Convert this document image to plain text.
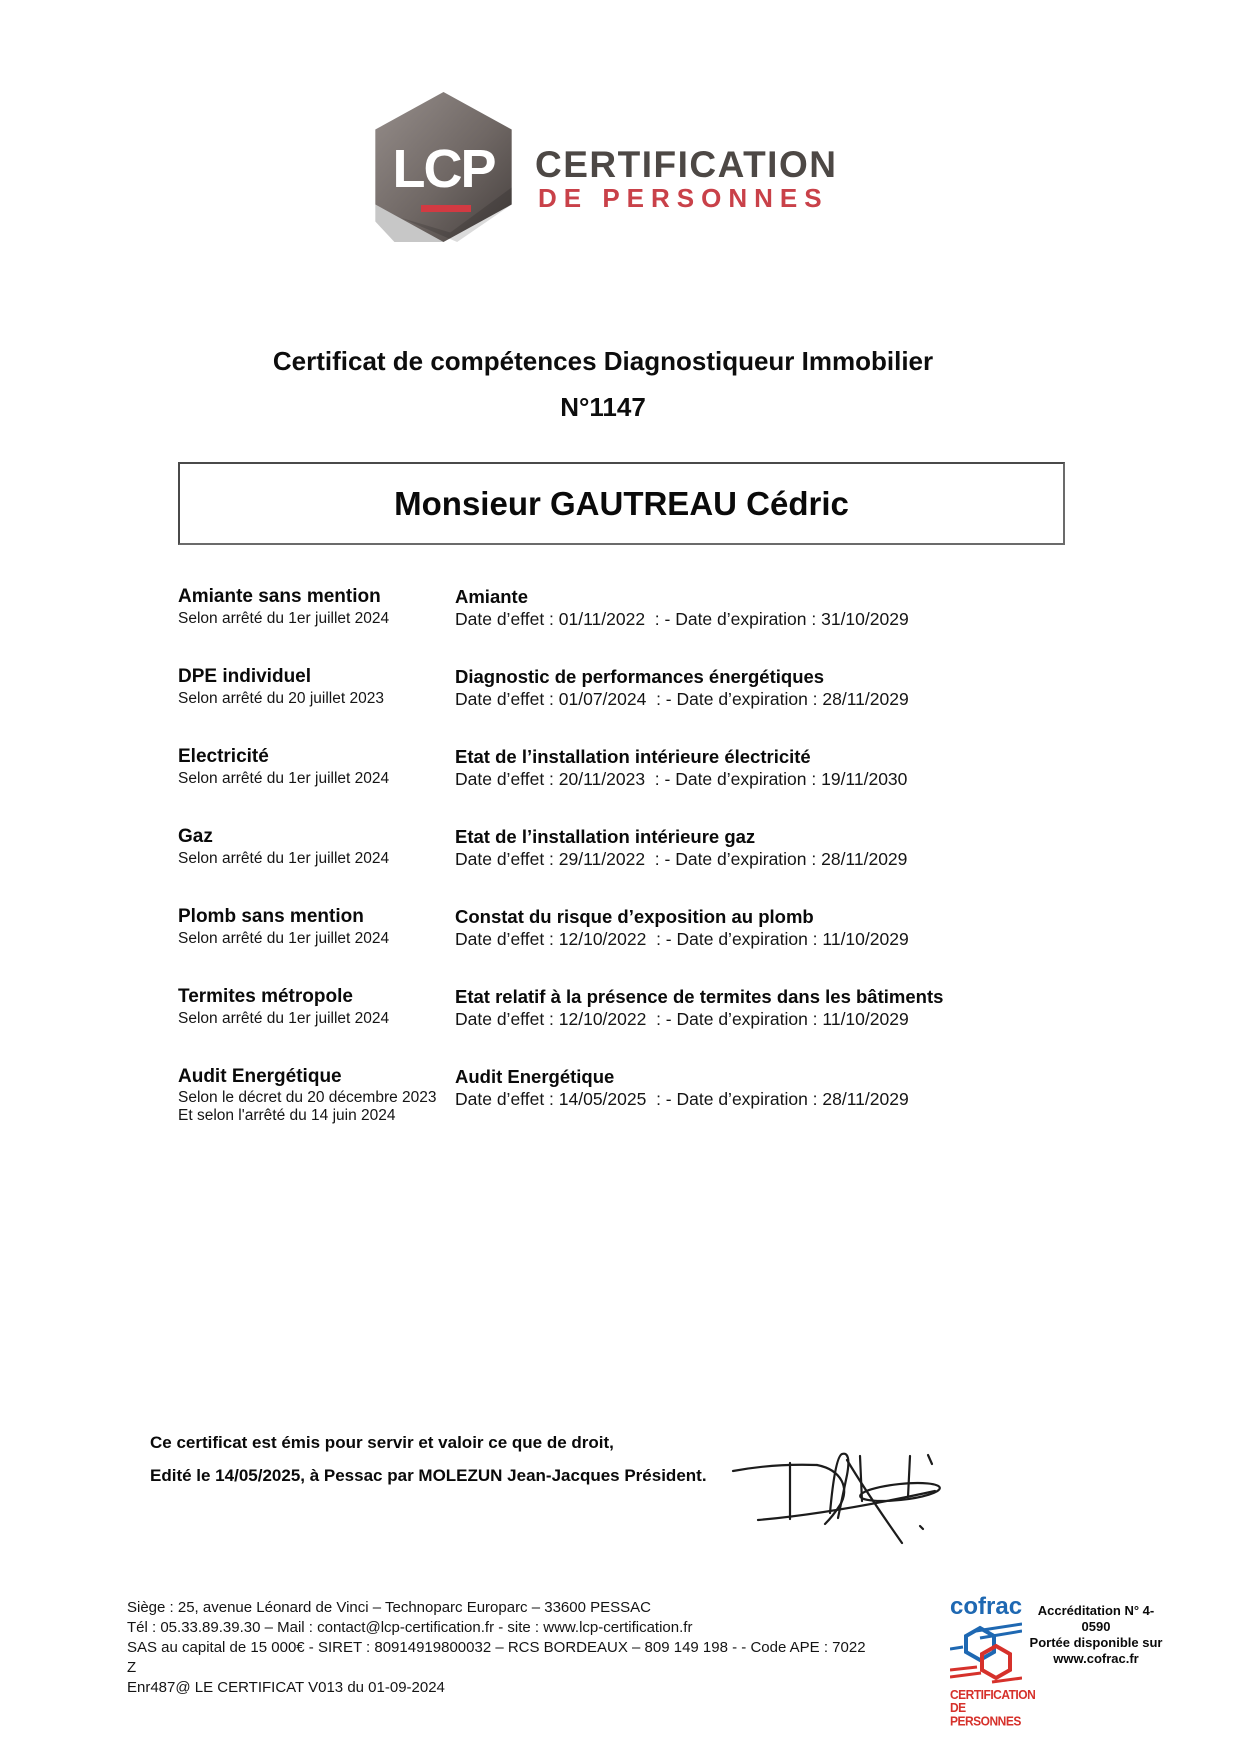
LCP	CERTIFICATION
DE PERSONNES
Certificat de compétences Diagnostiqueur Immobilier
N°1147
Monsieur GAUTREAU Cédric
Amiante sans mention
Selon arrêté du 1er juillet 2024
Amiante
Date d’effet : 01/11/2022  : - Date d’expiration : 31/10/2029
DPE individuel
Selon arrêté du 20 juillet 2023
Diagnostic de performances énergétiques
Date d’effet : 01/07/2024  : - Date d’expiration : 28/11/2029
Electricité
Selon arrêté du 1er juillet 2024
Etat de l’installation intérieure électricité
Date d’effet : 20/11/2023  : - Date d’expiration : 19/11/2030
Gaz
Selon arrêté du 1er juillet 2024
Etat de l’installation intérieure gaz
Date d’effet : 29/11/2022  : - Date d’expiration : 28/11/2029
Plomb sans mention
Selon arrêté du 1er juillet 2024
Constat du risque d’exposition au plomb
Date d’effet : 12/10/2022  : - Date d’expiration : 11/10/2029
Termites métropole
Selon arrêté du 1er juillet 2024
Etat relatif à la présence de termites dans les bâtiments
Date d’effet : 12/10/2022  : - Date d’expiration : 11/10/2029
Audit Energétique
Selon le décret du 20 décembre 2023
Et selon l'arrêté du 14 juin 2024
Audit Energétique
Date d’effet : 14/05/2025  : - Date d’expiration : 28/11/2029
Ce certificat est émis pour servir et valoir ce que de droit,
Edité le 14/05/2025, à Pessac par MOLEZUN Jean-Jacques Président.
Siège : 25, avenue Léonard de Vinci – Technoparc Europarc – 33600 PESSAC
Tél : 05.33.89.39.30 – Mail : contact@lcp-certification.fr - site : www.lcp-certification.fr
SAS au capital de 15 000€ - SIRET : 80914919800032 – RCS BORDEAUX – 809 149 198 - - Code APE : 7022 Z
Enr487@ LE CERTIFICAT V013 du 01-09-2024
cofrac
CERTIFICATION
DE PERSONNES
Accréditation N° 4-0590
Portée disponible sur
www.cofrac.fr
